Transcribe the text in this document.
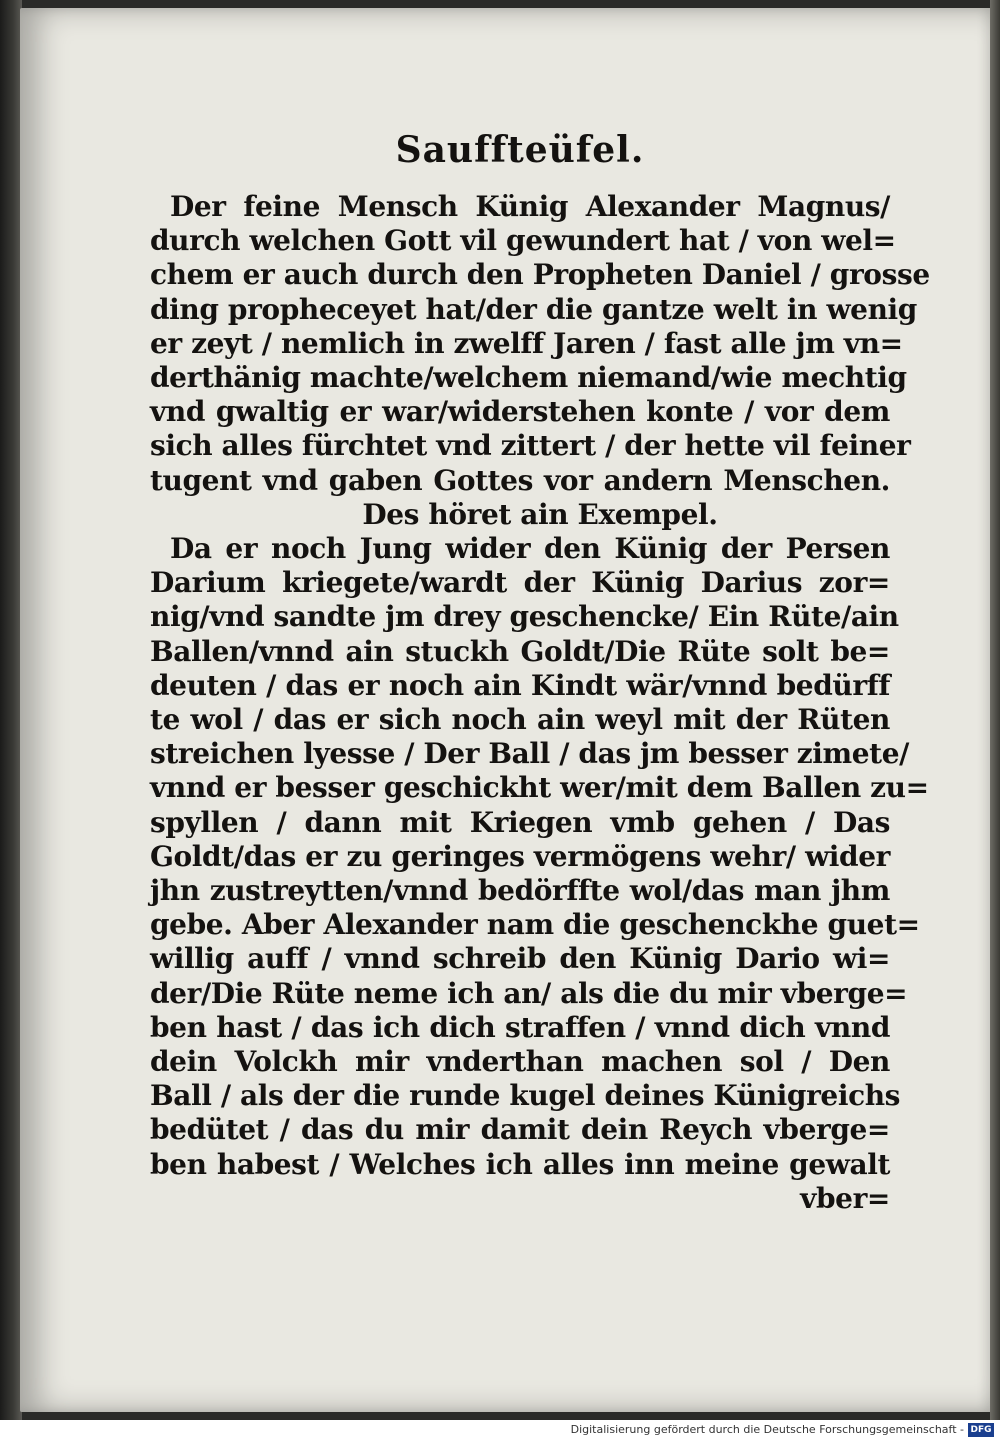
Saufftеüfel.
Der feine Mensch Künig Alexander Magnus/
durch welchen Gott vil gewundert hat / von wel=
chem er auch durch den Propheten Daniel / grosse
ding propheceyet hat/der die gantze welt in wenig
er zeyt / nemlich in zwelff Jaren / fast alle jm vn=
derthänig machte/welchem niemand/wie mechtig
vnd gwaltig er war/widerstehen konte / vor dem
sich alles fürchtet vnd zittert / der hette vil feiner
tugent vnd gaben Gottes vor andern Menschen.
Des höret ain Exempel.
Da er noch Jung wider den Künig der Persen
Darium kriegete/wardt der Künig Darius zor=
nig/vnd sandte jm drey geschencke/ Ein Rüte/ain
Ballen/vnnd ain stuckh Goldt/Die Rüte solt be=
deuten / das er noch ain Kindt wär/vnnd bedürff
te wol / das er sich noch ain weyl mit der Rüten
streichen lyesse / Der Ball / das jm besser zimete/
vnnd er besser geschickht wer/mit dem Ballen zu=
spyllen / dann mit Kriegen vmb gehen / Das
Goldt/das er zu geringes vermögens wehr/ wider
jhn zustreytten/vnnd bedörffte wol/das man jhm
gebe. Aber Alexander nam die geschenckhe guet=
willig auff / vnnd schreib den Künig Dario wi=
der/Die Rüte neme ich an/ als die du mir vberge=
ben hast / das ich dich straffen / vnnd dich vnnd
dein Volckh mir vnderthan machen sol / Den
Ball / als der die runde kugel deines Künigreichs
bedütet / das du mir damit dein Reych vberge=
ben habest / Welches ich alles inn meine gewalt
vber=
Digitalisierung gefördert durch die Deutsche Forschungsgemeinschaft - DFG
